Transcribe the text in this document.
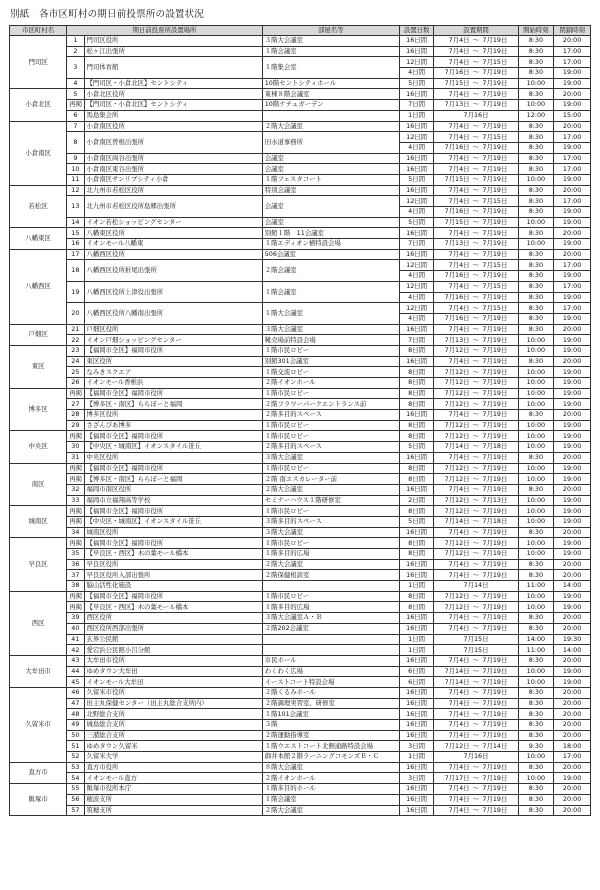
別紙　各市区町村の期日前投票所の設置状況
市区町村名	期日前投票所設置場所		部屋名等	設置日数	設置期間			開始時刻	閉鎖時刻
門司区	1	門司区役所	３階大会議室	16日間	7月4日	～	7月19日	8:30	20:00
	2	松ヶ江出張所	１階会議室	16日間	7月4日	～	7月19日	8:30	17:00
	3	門司体育館	１階集会室	12日間	7月4日	～	7月15日	8:30	17:00
				4日間	7月16日	～	7月19日	8:30	19:00
	4	【門司区・小倉北区】セントシティ	10階セントシティホール	5日間	7月15日	～	7月19日	10:00	19:00
小倉北区	5	小倉北区役所	東棟８階会議室	16日間	7月4日	～	7月19日	8:30	20:00
	再掲	【門司区・小倉北区】セントシティ	10階ナチュガーデン	7日間	7月13日	～	7月19日	10:00	19:00
	6	馬島集会所		1日間	7月16日			12:00	15:00
小倉南区	7	小倉南区役所	２階大会議室	16日間	7月4日	～	7月19日	8:30	20:00
	8	小倉南区曽根出張所	旧水道事務所	12日間	7月4日	～	7月15日	8:30	17:00
				4日間	7月16日	～	7月19日	8:30	19:00
	9	小倉南区両谷出張所	会議室	16日間	7月4日	～	7月19日	8:30	17:00
	10	小倉南区東谷出張所	会議室	16日間	7月4日	～	7月19日	8:30	17:00
	11	小倉南区サンリブシティ小倉	１階フェスタコート	5日間	7月15日	～	7月19日	10:00	19:00
若松区	12	北九州市若松区役所	特別会議室	16日間	7月4日	～	7月19日	8:30	20:00
	13	北九州市若松区役所島郷出張所	会議室	12日間	7月4日	～	7月15日	8:30	17:00
				4日間	7月16日	～	7月19日	8:30	19:00
	14	イオン若松ショッピングセンター	会議室	5日間	7月15日	～	7月19日	10:00	19:00
八幡東区	15	八幡東区役所	別館１階　11会議室	16日間	7月4日	～	7月19日	8:30	20:00
	16	イオンモール八幡東	１階エディオン横特設会場	7日間	7月13日	～	7月19日	10:00	19:00
八幡西区	17	八幡西区役所	506会議室	16日間	7月4日	～	7月19日	8:30	20:00
	18	八幡西区役所折尾出張所	２階会議室	12日間	7月4日	～	7月15日	8:30	17:00
				4日間	7月16日	～	7月19日	8:30	19:00
	19	八幡西区役所上津役出張所	１階会議室	12日間	7月4日	～	7月15日	8:30	17:00
				4日間	7月16日	～	7月19日	8:30	19:00
	20	八幡西区役所八幡南出張所	１階大会議室	12日間	7月4日	～	7月15日	8:30	17:00
				4日間	7月16日	～	7月19日	8:30	19:00
戸畑区	21	戸畑区役所	３階大会議室	16日間	7月4日	～	7月19日	8:30	20:00
	22	イオン戸畑ショッピングセンター	靴売場前特設会場	7日間	7月13日	～	7月19日	10:00	19:00
東区	23	【福岡市全区】福岡市役所	１階市民ロビー	8日間	7月12日	～	7月19日	10:00	19:00
	24	東区役所	別館301会議室	16日間	7月4日	～	7月19日	8:30	20:00
	25	なみきスクエア	１階交流ロビー	8日間	7月12日	～	7月19日	10:00	19:00
	26	イオンモール香椎浜	２階イオンホール	8日間	7月12日	～	7月19日	10:00	19:00
博多区	再掲	【福岡市全区】福岡市役所	１階市民ロビー	8日間	7月12日	～	7月19日	10:00	19:00
	27	【博多区・南区】ららぽーと福岡	２階フラワーパークエントランス前	8日間	7月12日	～	7月19日	10:00	19:00
	28	博多区役所	２階多目的スペース	16日間	7月4日	～	7月19日	8:30	20:00
	29	さざんぴあ博多	１階市民ロビー	8日間	7月12日	～	7月19日	10:00	19:00
中央区	再掲	【福岡市全区】福岡市役所	１階市民ロビー	8日間	7月12日	～	7月19日	10:00	19:00
	30	【中央区・城南区】イオンスタイル笹丘	２階多目的スペース	5日間	7月14日	～	7月18日	10:00	19:00
	31	中央区役所	３階大会議室	16日間	7月4日	～	7月19日	8:30	20:00
南区	再掲	【福岡市全区】福岡市役所	１階市民ロビー	8日間	7月12日	～	7月19日	10:00	19:00
	再掲	【博多区・南区】ららぽーと福岡	２階 南エスカレーター前	8日間	7月12日	～	7月19日	10:00	19:00
	32	福岡市南区役所	２階大会議室	16日間	7月4日	～	7月19日	8:30	20:00
	33	福岡市立福翔高等学校	セミナーハウス１階研修室	2日間	7月12日	～	7月13日	10:00	19:00
城南区	再掲	【福岡市全区】福岡市役所	１階市民ロビー	8日間	7月12日	～	7月19日	10:00	19:00
	再掲	【中央区・城南区】イオンスタイル笹丘	３階多目的スペース	5日間	7月14日	～	7月18日	10:00	19:00
	34	城南区役所	３階大会議室	16日間	7月4日	～	7月19日	8:30	20:00
早良区	再掲	【福岡市全区】福岡市役所	１階市民ロビー	8日間	7月12日	～	7月19日	10:00	19:00
	35	【早良区・西区】木の葉モール橋本	１階多目的広場	8日間	7月12日	～	7月19日	10:00	19:00
	36	早良区役所	２階大会議室	16日間	7月4日	～	7月19日	8:30	20:00
	37	早良区役所入部出張所	２階保健相談室	16日間	7月4日	～	7月19日	8:30	20:00
	38	脇山活性化施設		1日間	7月14日			11:00	14:00
西区	再掲	【福岡市全区】福岡市役所	１階市民ロビー	8日間	7月12日	～	7月19日	10:00	19:00
	再掲	【早良区・西区】木の葉モール橋本	１階多目的広場	8日間	7月12日	～	7月19日	10:00	19:00
	39	西区役所	３階大会議室Ａ・Ｂ	16日間	7月4日	～	7月19日	8:30	20:00
	40	西区役所西部出張所	２階202会議室	16日間	7月4日	～	7月19日	8:30	20:00
	41	玄界公民館		1日間	7月15日			14:00	19:30
	42	愛宕浜公民館小呂分館		1日間	7月15日			11:00	14:00
大牟田市	43	大牟田市役所	市民ホール	16日間	7月4日	～	7月19日	8:30	20:00
	44	ゆめタウン大牟田	わくわく広場	6日間	7月14日	～	7月19日	10:00	19:00
	45	イオンモール大牟田	イーストコート特設会場	6日間	7月14日	～	7月19日	10:00	19:00
久留米市	46	久留米市役所	２階くるみホール	16日間	7月4日	～	7月19日	8:30	20:00
	47	田主丸保健センター（田主丸総合支所内）	２階調理実習室、研修室	16日間	7月4日	～	7月19日	8:30	20:00
	48	北野総合支所	１階101会議室	16日間	7月4日	～	7月19日	8:30	20:00
	49	城島総合支所	３階	16日間	7月4日	～	7月19日	8:30	20:00
	50	三潴総合支所	２階運動指導室	16日間	7月4日	～	7月19日	8:30	20:00
	51	ゆめタウン久留米	１階ウエストコート北側通路特設会場	3日間	7月12日	～	7月14日	9:30	18:00
	52	久留米大学	御井本館２階ラーニングコモンズＢ・Ｃ	1日間	7月16日			10:00	17:00
直方市	53	直方市役所	８階大会議室	16日間	7月4日	～	7月19日	8:30	20:00
	54	イオンモール直方	２階イオンホール	3日間	7月17日	～	7月19日	10:00	19:00
飯塚市	55	飯塚市役所本庁	１階多目的ホール	16日間	7月4日	～	7月19日	8:30	20:00
	56	穂波支所	１階会議室	16日間	7月4日	～	7月19日	8:30	20:00
	57	筑穂支所	２階大会議室	16日間	7月4日	～	7月19日	8:30	20:00
